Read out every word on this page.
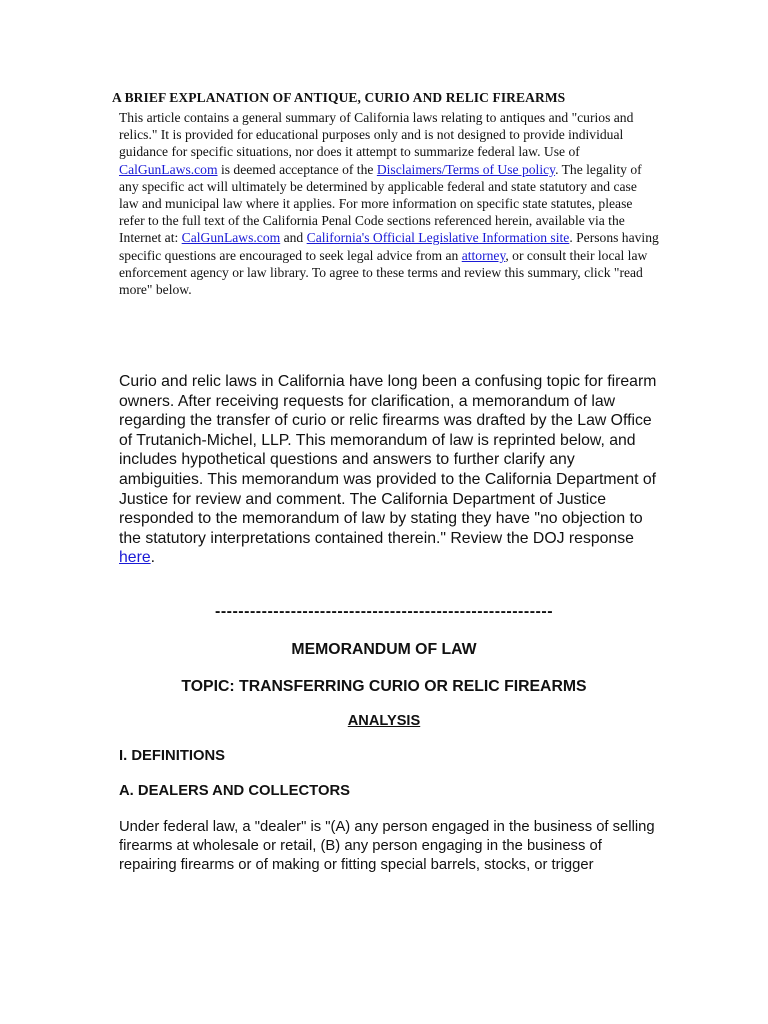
A BRIEF EXPLANATION OF ANTIQUE, CURIO AND RELIC FIREARMS
This article contains a general summary of California laws relating to antiques and "curios and relics." It is provided for educational purposes only and is not designed to provide individual guidance for specific situations, nor does it attempt to summarize federal law. Use of CalGunLaws.com is deemed acceptance of the Disclaimers/Terms of Use policy. The legality of any specific act will ultimately be determined by applicable federal and state statutory and case law and municipal law where it applies. For more information on specific state statutes, please refer to the full text of the California Penal Code sections referenced herein, available via the Internet at: CalGunLaws.com and California's Official Legislative Information site. Persons having specific questions are encouraged to seek legal advice from an attorney, or consult their local law enforcement agency or law library. To agree to these terms and review this summary, click "read more" below.
Curio and relic laws in California have long been a confusing topic for firearm owners. After receiving requests for clarification, a memorandum of law regarding the transfer of curio or relic firearms was drafted by the Law Office of Trutanich-Michel, LLP. This memorandum of law is reprinted below, and includes hypothetical questions and answers to further clarify any ambiguities. This memorandum was provided to the California Department of Justice for review and comment. The California Department of Justice responded to the memorandum of law by stating they have "no objection to the statutory interpretations contained therein." Review the DOJ response here.
----------------------------------------------------------
MEMORANDUM OF LAW
TOPIC: TRANSFERRING CURIO OR RELIC FIREARMS
ANALYSIS
I. DEFINITIONS
A. DEALERS AND COLLECTORS
Under federal law, a "dealer" is "(A) any person engaged in the business of selling firearms at wholesale or retail, (B) any person engaging in the business of repairing firearms or of making or fitting special barrels, stocks, or trigger
